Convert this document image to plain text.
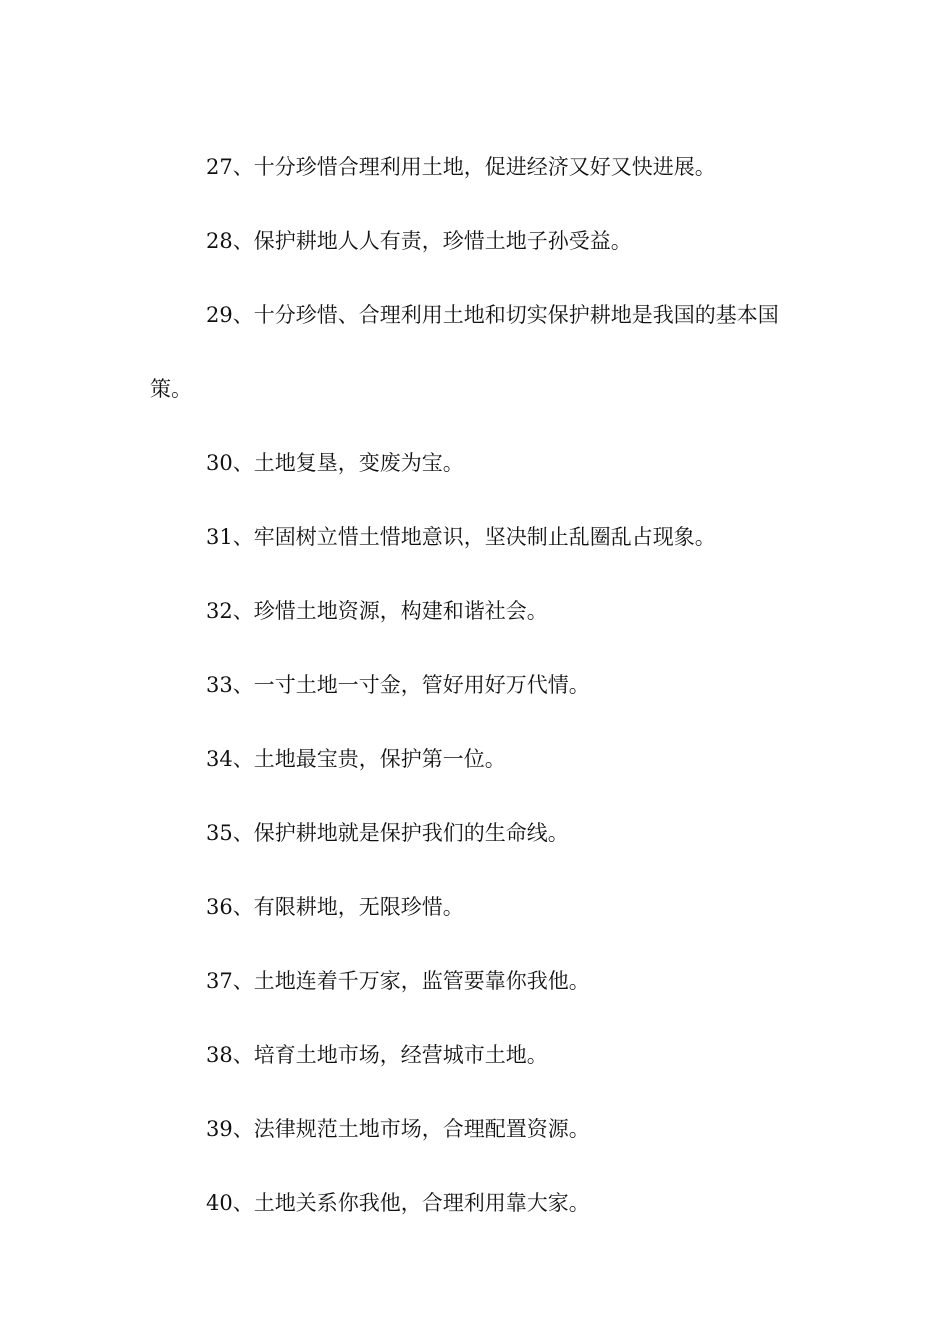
27、十分珍惜合理利用土地，促进经济又好又快进展。

28、保护耕地人人有责，珍惜土地子孙受益。

29、十分珍惜、合理利用土地和切实保护耕地是我国的基本国策。

30、土地复垦，变废为宝。

31、牢固树立惜土惜地意识，坚决制止乱圈乱占现象。

32、珍惜土地资源，构建和谐社会。

33、一寸土地一寸金，管好用好万代情。

34、土地最宝贵，保护第一位。

35、保护耕地就是保护我们的生命线。

36、有限耕地，无限珍惜。

37、土地连着千万家，监管要靠你我他。

38、培育土地市场，经营城市土地。

39、法律规范土地市场，合理配置资源。

40、土地关系你我他，合理利用靠大家。
